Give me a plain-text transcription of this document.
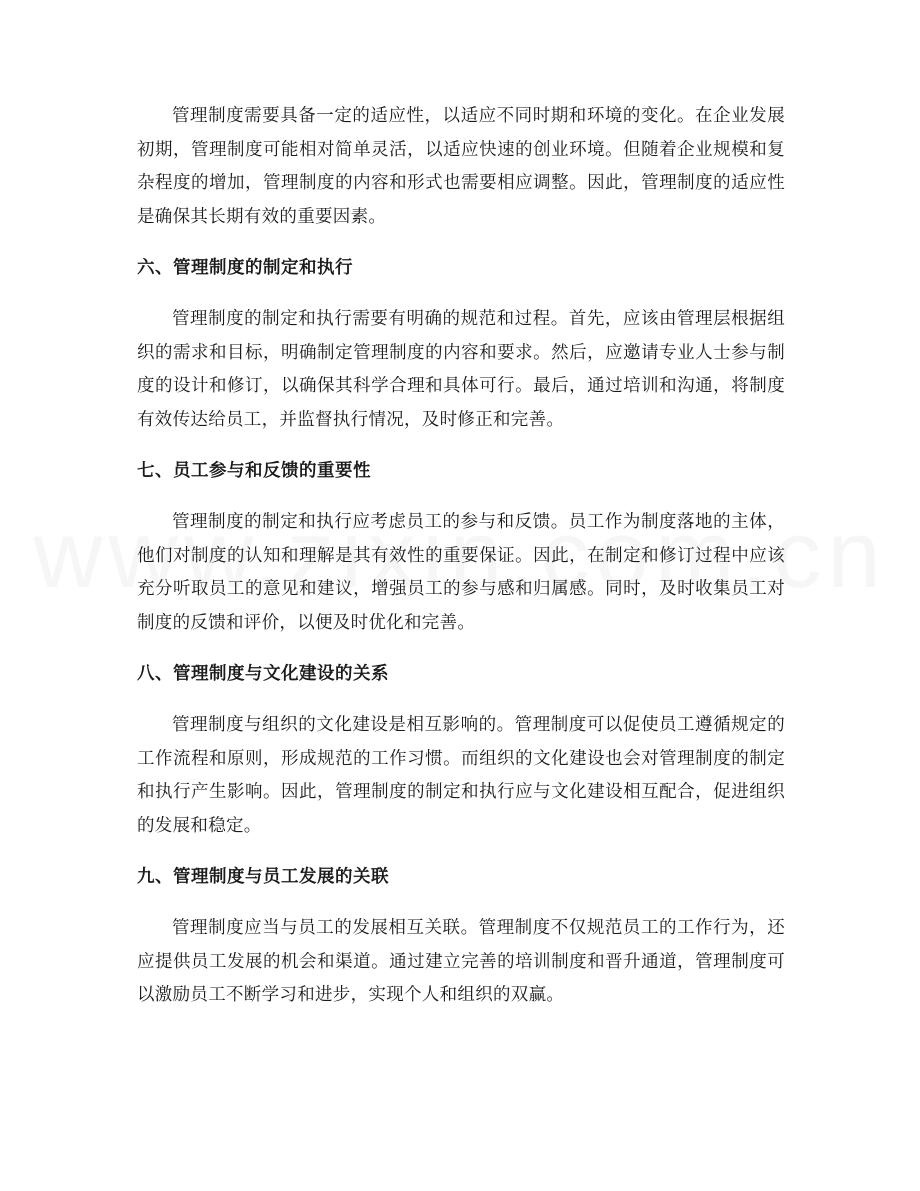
管理制度需要具备一定的适应性，以适应不同时期和环境的变化。在企业发展初期，管理制度可能相对简单灵活，以适应快速的创业环境。但随着企业规模和复杂程度的增加，管理制度的内容和形式也需要相应调整。因此，管理制度的适应性是确保其长期有效的重要因素。

六、管理制度的制定和执行

管理制度的制定和执行需要有明确的规范和过程。首先，应该由管理层根据组织的需求和目标，明确制定管理制度的内容和要求。然后，应邀请专业人士参与制度的设计和修订，以确保其科学合理和具体可行。最后，通过培训和沟通，将制度有效传达给员工，并监督执行情况，及时修正和完善。

七、员工参与和反馈的重要性

管理制度的制定和执行应考虑员工的参与和反馈。员工作为制度落地的主体，他们对制度的认知和理解是其有效性的重要保证。因此，在制定和修订过程中应该充分听取员工的意见和建议，增强员工的参与感和归属感。同时，及时收集员工对制度的反馈和评价，以便及时优化和完善。

八、管理制度与文化建设的关系

管理制度与组织的文化建设是相互影响的。管理制度可以促使员工遵循规定的工作流程和原则，形成规范的工作习惯。而组织的文化建设也会对管理制度的制定和执行产生影响。因此，管理制度的制定和执行应与文化建设相互配合，促进组织的发展和稳定。

九、管理制度与员工发展的关联

管理制度应当与员工的发展相互关联。管理制度不仅规范员工的工作行为，还应提供员工发展的机会和渠道。通过建立完善的培训制度和晋升通道，管理制度可以激励员工不断学习和进步，实现个人和组织的双赢。
